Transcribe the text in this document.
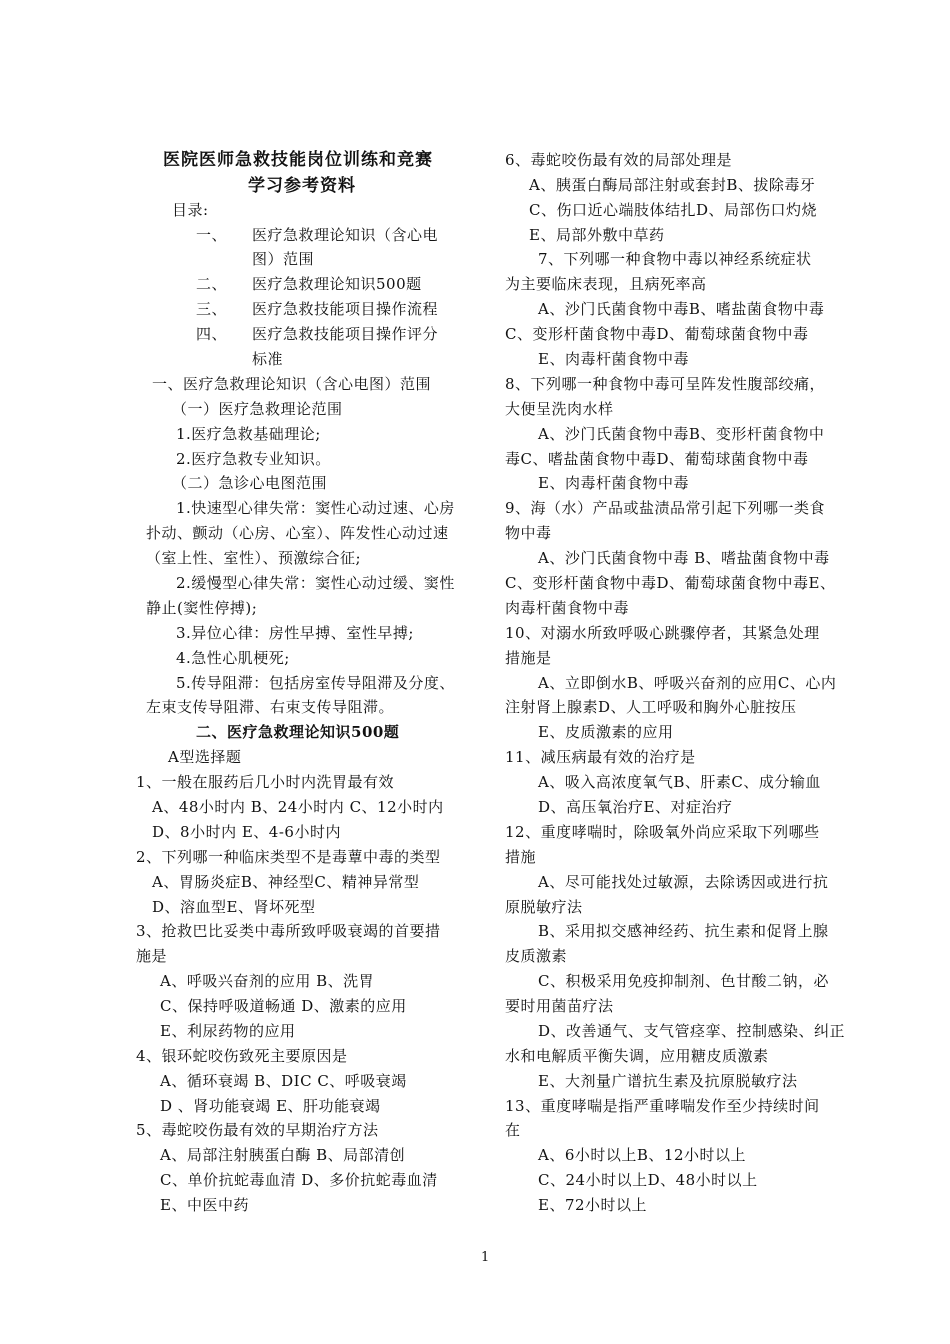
医院医师急救技能岗位训练和竞赛
学习参考资料
目录:
一、 医疗急救理论知识（含心电
图）范围
二、 医疗急救理论知识500题
三、 医疗急救技能项目操作流程
四、 医疗急救技能项目操作评分
标准
一、医疗急救理论知识（含心电图）范围
（一）医疗急救理论范围
1.医疗急救基础理论;
2.医疗急救专业知识。
（二）急诊心电图范围
1.快速型心律失常：窦性心动过速、心房
扑动、颤动（心房、心室）、阵发性心动过速
（室上性、室性）、预激综合征;
2.缓慢型心律失常：窦性心动过缓、窦性
静止(窦性停搏);
3.异位心律：房性早搏、室性早搏;
4.急性心肌梗死;
5.传导阻滞：包括房室传导阻滞及分度、
左束支传导阻滞、右束支传导阻滞。
二、医疗急救理论知识500题
A型选择题
1、一般在服药后几小时内洗胃最有效
A、48小时内 B、24小时内 C、12小时内
D、8小时内 E、4-6小时内
2、下列哪一种临床类型不是毒蕈中毒的类型
A、胃肠炎症B、神经型C、精神异常型
D、溶血型E、肾坏死型
3、抢救巴比妥类中毒所致呼吸衰竭的首要措
施是
A、呼吸兴奋剂的应用 B、洗胃
C、保持呼吸道畅通 D、激素的应用
E、利尿药物的应用
4、银环蛇咬伤致死主要原因是
A、循环衰竭 B、DIC C、呼吸衰竭
D 、肾功能衰竭 E、肝功能衰竭
5、毒蛇咬伤最有效的早期治疗方法
A、局部注射胰蛋白酶 B、局部清创
C、单价抗蛇毒血清 D、多价抗蛇毒血清
E、中医中药
6、毒蛇咬伤最有效的局部处理是
A、胰蛋白酶局部注射或套封B、拔除毒牙
C、伤口近心端肢体结扎D、局部伤口灼烧
E、局部外敷中草药
7、下列哪一种食物中毒以神经系统症状
为主要临床表现，且病死率高
A、沙门氏菌食物中毒B、嗜盐菌食物中毒
C、变形杆菌食物中毒D、葡萄球菌食物中毒
E、肉毒杆菌食物中毒
8、下列哪一种食物中毒可呈阵发性腹部绞痛，
大便呈洗肉水样
A、沙门氏菌食物中毒B、变形杆菌食物中
毒C、嗜盐菌食物中毒D、葡萄球菌食物中毒
E、肉毒杆菌食物中毒
9、海（水）产品或盐渍品常引起下列哪一类食
物中毒
A、沙门氏菌食物中毒 B、嗜盐菌食物中毒
C、变形杆菌食物中毒D、葡萄球菌食物中毒E、
肉毒杆菌食物中毒
10、对溺水所致呼吸心跳骤停者，其紧急处理
措施是
A、立即倒水B、呼吸兴奋剂的应用C、心内
注射肾上腺素D、人工呼吸和胸外心脏按压
E、皮质激素的应用
11、减压病最有效的治疗是
A、吸入高浓度氧气B、肝素C、成分输血
D、高压氧治疗E、对症治疗
12、重度哮喘时，除吸氧外尚应采取下列哪些
措施
A、尽可能找处过敏源，去除诱因或进行抗
原脱敏疗法
B、采用拟交感神经药、抗生素和促肾上腺
皮质激素
C、积极采用免疫抑制剂、色甘酸二钠，必
要时用菌苗疗法
D、改善通气、支气管痉挛、控制感染、纠正
水和电解质平衡失调，应用糖皮质激素
E、大剂量广谱抗生素及抗原脱敏疗法
13、重度哮喘是指严重哮喘发作至少持续时间
在
A、6小时以上B、12小时以上
C、24小时以上D、48小时以上
E、72小时以上
1
